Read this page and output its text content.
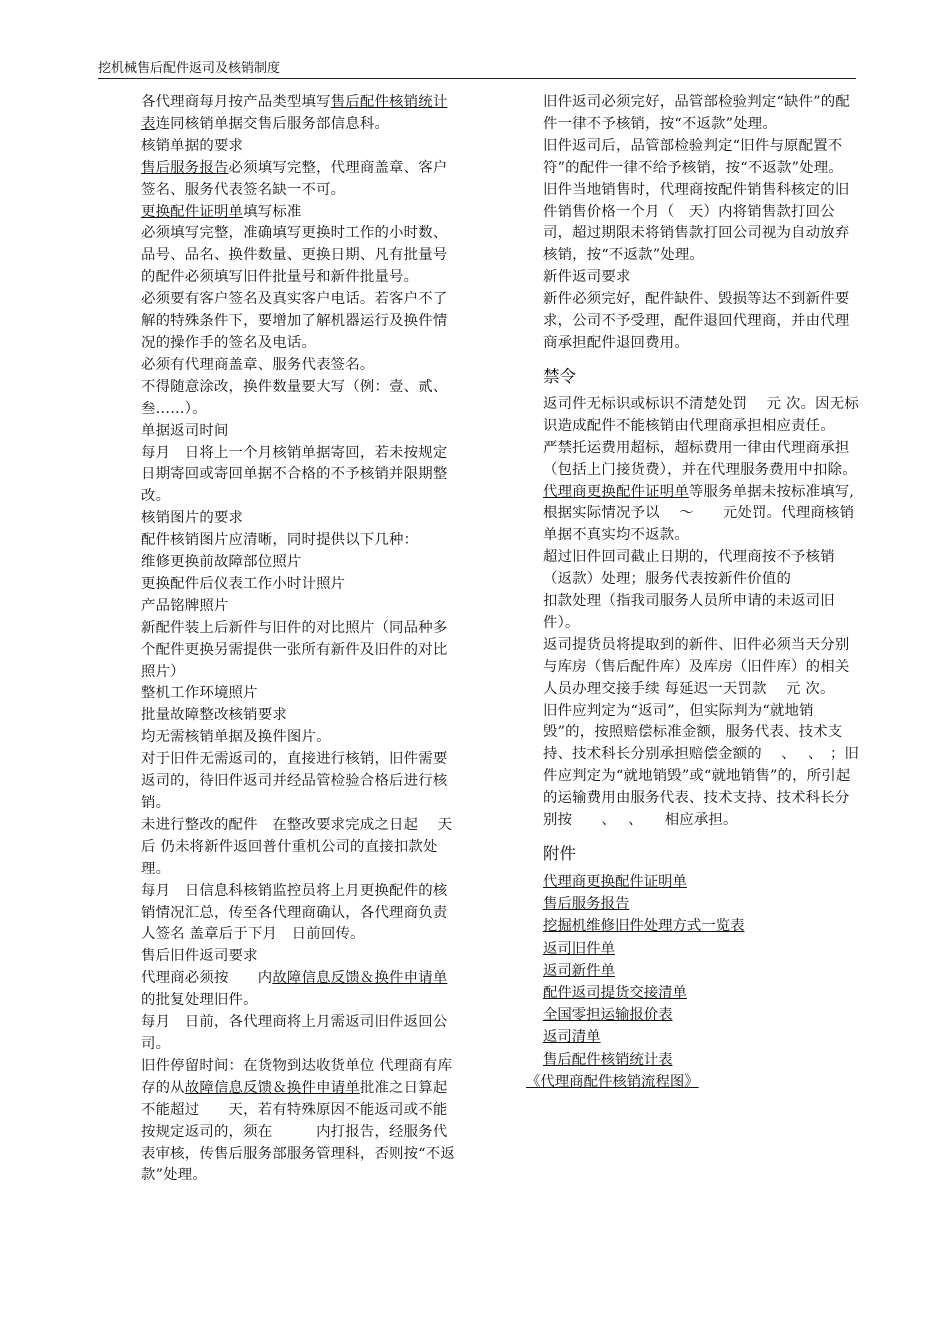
挖机械售后配件返司及核销制度

各代理商每月按产品类型填写售后配件核销统计表连同核销单据交售后服务部信息科。

核销单据的要求

售后服务报告必须填写完整，代理商盖章、客户签名、服务代表签名缺一不可。

更换配件证明单填写标准

必须填写完整，准确填写更换时工作的小时数、品号、品名、换件数量、更换日期、凡有批量号的配件必须填写旧件批量号和新件批量号。

必须要有客户签名及真实客户电话。若客户不了解的特殊条件下，要增加了解机器运行及换件情况的操作手的签名及电话。

必须有代理商盖章、服务代表签名。

不得随意涂改，换件数量要大写（例：壹、贰、叁……）。

单据返司时间

每月　日将上一个月核销单据寄回，若未按规定日期寄回或寄回单据不合格的不予核销并限期整改。

核销图片的要求

配件核销图片应清晰，同时提供以下几种：

维修更换前故障部位照片

更换配件后仪表工作小时计照片

产品铭牌照片

新配件装上后新件与旧件的对比照片（同品种多个配件更换另需提供一张所有新件及旧件的对比照片）

整机工作环境照片

批量故障整改核销要求

均无需核销单据及换件图片。

对于旧件无需返司的，直接进行核销，旧件需要返司的，待旧件返司并经品管检验合格后进行核销。

未进行整改的配件　在整改要求完成之日起　 天后 仍未将新件返回普什重机公司的直接扣款处理。

每月　日信息科核销监控员将上月更换配件的核销情况汇总，传至各代理商确认，各代理商负责人签名 盖章后于下月　日前回传。

售后旧件返司要求

代理商必须按　　内故障信息反馈＆换件申请单的批复处理旧件。

每月　日前，各代理商将上月需返司旧件返回公司。

旧件停留时间：在货物到达收货单位 代理商有库存的从故障信息反馈＆换件申请单批准之日算起不能超过　　天，若有特殊原因不能返司或不能按规定返司的，须在　　　内打报告，经服务代表审核，传售后服务部服务管理科，否则按“不返款”处理。

旧件返司必须完好，品管部检验判定“缺件”的配件一律不予核销，按“不返款”处理。

旧件返司后，品管部检验判定“旧件与原配置不符”的配件一律不给予核销，按“不返款”处理。

旧件当地销售时，代理商按配件销售科核定的旧件销售价格一个月（　天）内将销售款打回公司，超过期限未将销售款打回公司视为自动放弃核销，按“不返款”处理。

新件返司要求

新件必须完好，配件缺件、毁损等达不到新件要求，公司不予受理，配件退回代理商，并由代理商承担配件退回费用。

禁令

返司件无标识或标识不清楚处罚　 元 次。因无标识造成配件不能核销由代理商承担相应责任。

严禁托运费用超标，超标费用一律由代理商承担（包括上门接货费），并在代理服务费用中扣除。

代理商更换配件证明单等服务单据未按标准填写,根据实际情况予以　 ～　　元处罚。代理商核销单据不真实均不返款。

超过旧件回司截止日期的，代理商按不予核销（返款）处理；服务代表按新件价值的

扣款处理（指我司服务人员所申请的未返司旧件）。

返司提货员将提取到的新件、旧件必须当天分别与库房（售后配件库）及库房（旧件库）的相关人员办理交接手续 每延迟一天罚款　 元 次。

旧件应判定为“返司”，但实际判为“就地销毁”的，按照赔偿标准金额，服务代表、技术支持、技术科长分别承担赔偿金额的　 、　 、　；旧件应判定为“就地销毁”或“就地销售”的，所引起的运输费用由服务代表、技术支持、技术科长分别按　　、　 、　　相应承担。

附件
代理商更换配件证明单
售后服务报告
挖掘机维修旧件处理方式一览表
返司旧件单
返司新件单
配件返司提货交接清单
全国零担运输报价表
返司清单
售后配件核销统计表
《代理商配件核销流程图》
